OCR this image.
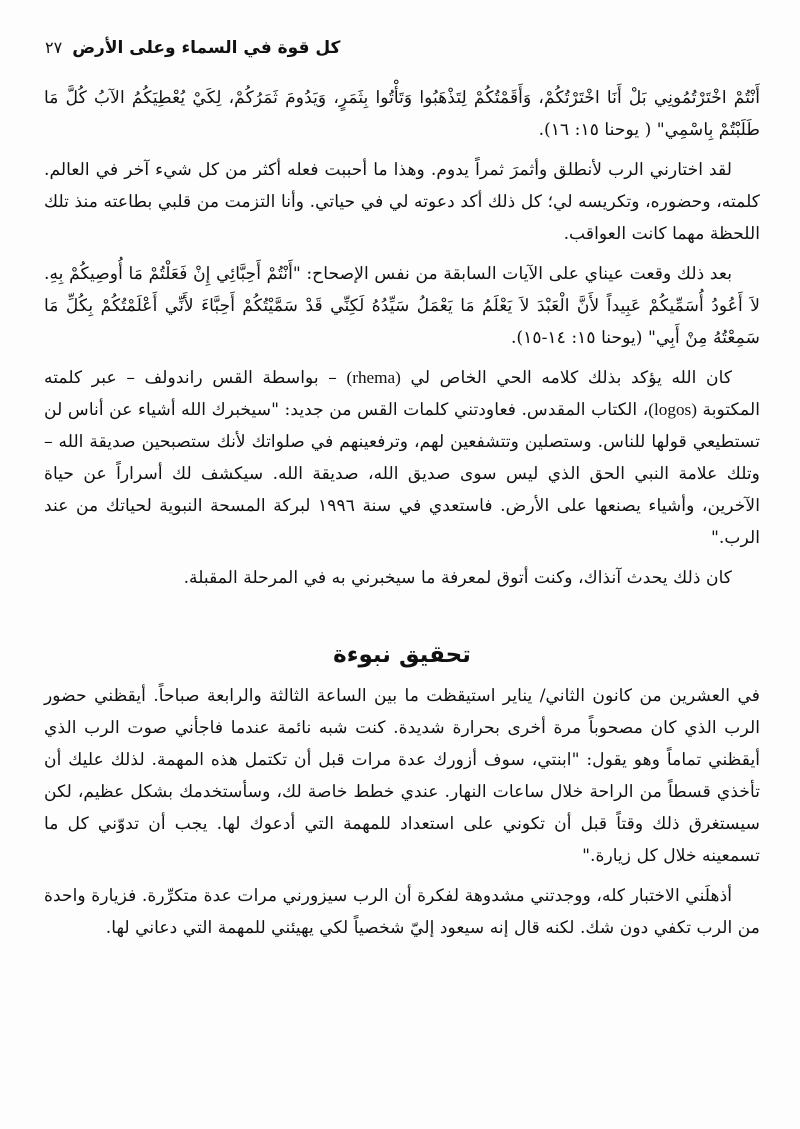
٢٧ كل قوة في السماء وعلى الأرض

أَنْتُمْ اخْتَرْتُمُونِي بَلْ أَنَا اخْتَرْتُكُمْ، وَأَقَمْتُكُمْ لِتَذْهَبُوا وَتَأْتُوا بِثَمَرٍ، وَيَدُومَ ثَمَرُكُمْ، لِكَيْ يُعْطِيَكُمُ الآبُ كُلَّ مَا طَلَبْتُمْ بِاسْمِي" ( يوحنا ١٥: ١٦).

لقد اختارني الرب لأنطلق وأثمرَ ثمراً يدوم. وهذا ما أحببت فعله أكثر من كل شيء آخر في العالم. كلمته، وحضوره، وتكريسه لي؛ كل ذلك أكد دعوته لي في حياتي. وأنا التزمت من قلبي بطاعته منذ تلك اللحظة مهما كانت العواقب.

بعد ذلك وقعت عيناي على الآيات السابقة من نفس الإصحاح: "أَنْتُمْ أَحِبَّائِي إِنْ فَعَلْتُمْ مَا أُوصِيكُمْ بِهِ. لاَ أَعُودُ أُسَمِّيكُمْ عَبِيداً لأَنَّ الْعَبْدَ لاَ يَعْلَمُ مَا يَعْمَلُ سَيِّدُهُ لَكِنِّي قَدْ سَمَّيْتُكُمْ أَحِبَّاءَ لأَنِّي أَعْلَمْتُكُمْ بِكُلِّ مَا سَمِعْتُهُ مِنْ أَبِي" (يوحنا ١٥: ١٤-١٥).

كان الله يؤكد بذلك كلامه الحي الخاص لي (rhema) – بواسطة القس راندولف – عبر كلمته المكتوبة (logos)، الكتاب المقدس. فعاودتني كلمات القس من جديد: "سيخبرك الله أشياء عن أناس لن تستطيعي قولها للناس. وستصلين وتتشفعين لهم، وترفعينهم في صلواتك لأنك ستصبحين صديقة الله – وتلك علامة النبي الحق الذي ليس سوى صديق الله، صديقة الله. سيكشف لك أسراراً عن حياة الآخرين، وأشياء يصنعها على الأرض. فاستعدي في سنة ١٩٩٦ لبركة المسحة النبوية لحياتك من عند الرب."

كان ذلك يحدث آنذاك، وكنت أتوق لمعرفة ما سيخبرني به في المرحلة المقبلة.

تحقيق نبوءة

في العشرين من كانون الثاني/ يناير استيقظت ما بين الساعة الثالثة والرابعة صباحاً. أيقظني حضور الرب الذي كان مصحوباً مرة أخرى بحرارة شديدة. كنت شبه نائمة عندما فاجأني صوت الرب الذي أيقظني تماماً وهو يقول: "ابنتي، سوف أزورك عدة مرات قبل أن تكتمل هذه المهمة. لذلك عليك أن تأخذي قسطاً من الراحة خلال ساعات النهار. عندي خطط خاصة لك، وسأستخدمك بشكل عظيم، لكن سيستغرق ذلك وقتاً قبل أن تكوني على استعداد للمهمة التي أدعوك لها. يجب أن تدوّني كل ما تسمعينه خلال كل زيارة."

أذهلَني الاختبار كله، ووجدتني مشدوهة لفكرة أن الرب سيزورني مرات عدة متكرِّرة. فزيارة واحدة من الرب تكفي دون شك. لكنه قال إنه سيعود إليّ شخصياً لكي يهيئني للمهمة التي دعاني لها.
